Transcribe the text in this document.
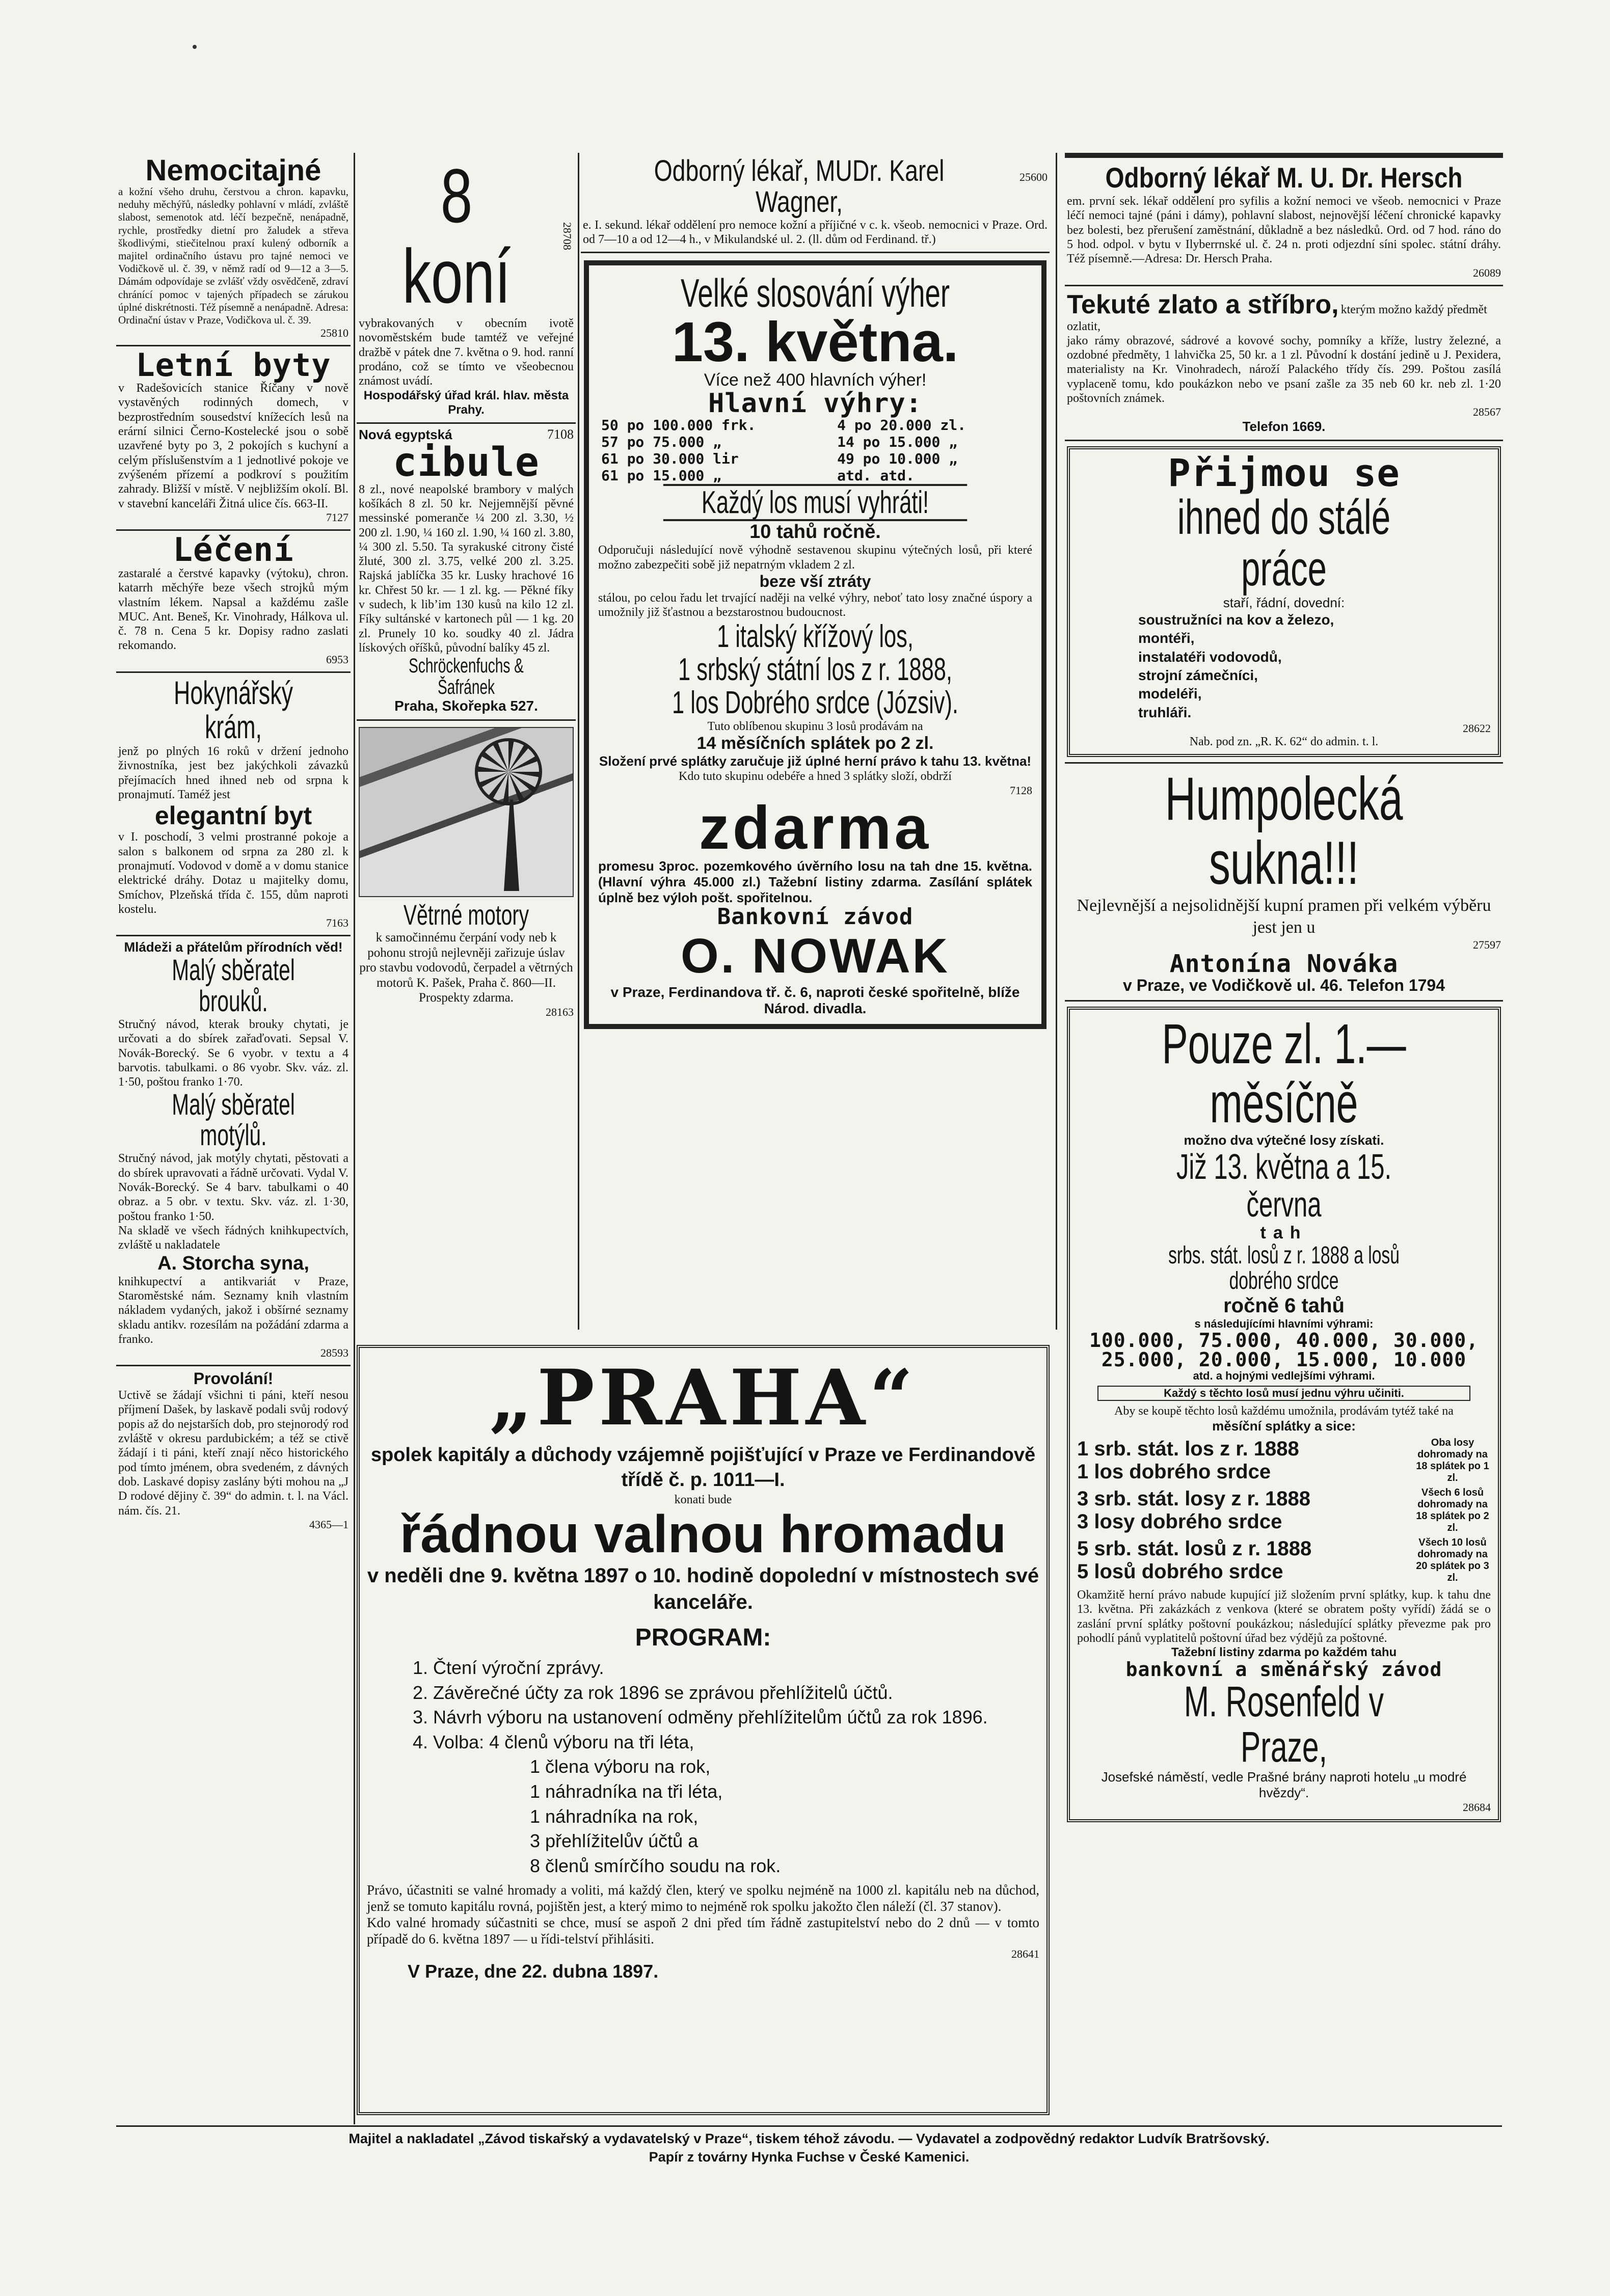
Nemocitajné
a kožní všeho druhu, čerstvou a chron. kapavku, neduhy měchýřů, následky pohlavní v mládí, zvláště slabost, semenotok atd. léčí bezpečně, nenápadně, rychle, prostředky dietní pro žaludek a střeva škodlivými, stiečitelnou praxí kulený odborník a majitel ordinačního ústavu pro tajné nemoci ve Vodičkově ul. č. 39, v němž radí od 9—12 a 3—5. Dámám odpovídaje se zvlášť vždy osvědčeně, zdraví chránící pomoc v tajených případech se zárukou úplné diskrétnosti. Též písemně a nenápadně. Adresa: Ordinační ústav v Praze, Vodičkova ul. č. 39.
25810
Letní byty
v Radešovicích stanice Říčany v nově vystavěných rodinných domech, v bezprostředním sousedství knížecích lesů na erární silnici Černo-Kostelecké jsou o sobě uzavřené byty po 3, 2 pokojích s kuchyní a celým příslušenstvím a 1 jednotlivé pokoje ve zvýšeném přízemí a podkroví s použitím zahrady. Bližší v místě. V nejbližším okolí. Bl. v stavební kanceláři Žitná ulice čís. 663-II.
7127
Léčení
zastaralé a čerstvé kapavky (výtoku), chron. katarrh měchýře beze všech strojků mým vlastním lékem. Napsal a každému zašle MUC. Ant. Beneš, Kr. Vinohrady, Hálkova ul. č. 78 n. Cena 5 kr. Dopisy radno zaslati rekomando.
6953
Hokynářský krám,
jenž po plných 16 roků v držení jednoho živnostníka, jest bez jakýchkoli závazků přejímacích hned ihned neb od srpna k pronajmutí. Taméž jest
elegantní byt
v I. poschodí, 3 velmi prostranné pokoje a salon s balkonem od srpna za 280 zl. k pronajmutí. Vodovod v domě a v domu stanice elektrické dráhy. Dotaz u majitelky domu, Smíchov, Plzeňská třída č. 155, dům naproti kostelu.
7163
Mládeži a přátelům přírodních věd!
Malý sběratel brouků.
Stručný návod, kterak brouky chytati, je určovati a do sbírek zařaďovati. Sepsal V. Novák-Borecký. Se 6 vyobr. v textu a 4 barvotis. tabulkami. o 86 vyobr. Skv. váz. zl. 1·50, poštou franko 1·70.
Malý sběratel motýlů.
Stručný návod, jak motýly chytati, pěstovati a do sbírek upravovati a řádně určovati. Vydal V. Novák-Borecký. Se 4 barv. tabulkami o 40 obraz. a 5 obr. v textu. Skv. váz. zl. 1·30, poštou franko 1·50.
Na skladě ve všech řádných knihkupectvích, zvláště u nakladatele
A. Storcha syna,
knihkupectví a antikvariát v Praze, Staroměstské nám. Seznamy knih vlastním nákladem vydaných, jakož i obšírné seznamy skladu antikv. rozesílám na požádání zdarma a franko.
28593
Provolání!
Uctivě se žádají všichni ti páni, kteří nesou příjmení Dašek, by laskavě podali svůj rodový popis až do nejstarších dob, pro stejnorodý rod zvláště v okresu pardubickém; a též se ctivě žádají i ti páni, kteří znají něco historického pod tímto jménem, obra svedeném, z dávných dob. Laskavé dopisy zaslány býti mohou na „J D rodové dějiny č. 39“ do admin. t. l. na Václ. nám. čís. 21.
4365—1
8 koní	28708
vybrakovaných v obecním ivotě novoměstském bude tamtéž ve veřejné dražbě v pátek dne 7. května o 9. hod. ranní prodáno, což se tímto ve všeobecnou známost uvádí.
Hospodářský úřad král. hlav. města Prahy.
Nová egyptská	7108
cibule
8 zl., nové neapolské brambory v malých košíkách 8 zl. 50 kr. Nejjemnější pěvné messinské pomeranče ¼ 200 zl. 3.30, ½ 200 zl. 1.90, ¼ 160 zl. 1.90, ¼ 160 zl. 3.80, ¼ 300 zl. 5.50. Ta syrakuské citrony čisté žluté, 300 zl. 3.75, velké 200 zl. 3.25. Rajská jablíčka 35 kr. Lusky hrachové 16 kr. Chřest 50 kr. — 1 zl. kg. — Pěkné fíky v sudech, k lib’im 130 kusů na kilo 12 zl. Fíky sultánské v kartonech půl — 1 kg. 20 zl. Prunely 10 ko. soudky 40 zl. Jádra lískových oříšků, původní balíky 45 zl.
Schröckenfuchs & Šafránek
Praha, Skořepka 527.
Větrné motory
k samočinnému čerpání vody neb k pohonu strojů nejlevněji zařizuje úslav pro stavbu vodovodů, čerpadel a větrných motorů K. Pašek, Praha č. 860—II. Prospekty zdarma.
28163
Odborný lékař, MUDr. Karel Wagner,
25600
e. I. sekund. lékař oddělení pro nemoce kožní a příjičné v c. k. všeob. nemocnici v Praze. Ord. od 7—10 a od 12—4 h., v Mikulandské ul. 2. (ll. dům od Ferdinand. tř.)
Velké slosování výher
13. května.
Více než 400 hlavních výher!
Hlavní výhry:
50 po 100.000 frk.	4 po 20.000 zl.
57 po 75.000 „	14 po 15.000 „
61 po 30.000 lir	49 po 10.000 „
61 po 15.000 „	atd. atd.
Každý los musí vyhráti!
10 tahů ročně.
Odporučuji následující nově výhodně sestavenou skupinu výtečných losů, při které možno zabezpečiti sobě již nepatrným vkladem 2 zl.
beze vší ztráty
stálou, po celou řadu let trvající naději na velké výhry, neboť tato losy značné úspory a umožnily již šťastnou a bezstarostnou budoucnost.
1 italský křížový los,
1 srbský státní los z r. 1888,
1 los Dobrého srdce (Józsiv).
Tuto oblíbenou skupinu 3 losů prodávám na
14 měsíčních splátek po 2 zl.
Složení prvé splátky zaručuje již úplné herní právo k tahu 13. května!
Kdo tuto skupinu odebéře a hned 3 splátky složí, obdrží
7128
zdarma
promesu 3proc. pozemkového úvěrního losu na tah dne 15. května. (Hlavní výhra 45.000 zl.) Tažební listiny zdarma. Zasílání splátek úplně bez výloh pošt. spořitelnou.
Bankovní závod
O. NOWAK
v Praze, Ferdinandova tř. č. 6, naproti české spořitelně, blíže Národ. divadla.
„PRAHA“
spolek kapitály a důchody vzájemně pojišťující v Praze ve Ferdinandově třídě č. p. 1011—I.
konati bude
řádnou valnou hromadu
v neděli dne 9. května 1897 o 10. hodině dopolední v místnostech své kanceláře.
PROGRAM:
1. Čtení výroční zprávy.
2. Závěrečné účty za rok 1896 se zprávou přehlížitelů účtů.
3. Návrh výboru na ustanovení odměny přehlížitelům účtů za rok 1896.
4. Volba: 4 členů výboru na tři léta,
1 člena výboru na rok,
1 náhradníka na tři léta,
1 náhradníka na rok,
3 přehlížitelův účtů a
8 členů smírčího soudu na rok.
Právo, účastniti se valné hromady a voliti, má každý člen, který ve spolku nejméně na 1000 zl. kapitálu neb na důchod, jenž se tomuto kapitálu rovná, pojištěn jest, a který mimo to nejméně rok spolku jakožto člen náleží (čl. 37 stanov).
Kdo valné hromady súčastniti se chce, musí se aspoň 2 dni před tím řádně zastupitelství nebo do 2 dnů — v tomto případě do 6. května 1897 — u řídi-telství přihlásiti.
28641
V Praze, dne 22. dubna 1897.
Odborný lékař M. U. Dr. Hersch
em. první sek. lékař oddělení pro syfilis a kožní nemoci ve všeob. nemocnici v Praze léčí nemoci tajné (páni i dámy), pohlavní slabost, nejnovější léčení chronické kapavky bez bolesti, bez přerušení zaměstnání, důkladně a bez následků. Ord. od 7 hod. ráno do 5 hod. odpol. v bytu v Ilyberrnské ul. č. 24 n. proti odjezdní síni spolec. státní dráhy. Též písemně.—Adresa: Dr. Hersch Praha.
26089
Tekuté zlato a stříbro, kterým možno každý předmět ozlatit,
jako rámy obrazové, sádrové a kovové sochy, pomníky a kříže, lustry železné, a ozdobné předměty, 1 lahvička 25, 50 kr. a 1 zl. Původní k dostání jedině u J. Pexidera, materialisty na Kr. Vinohradech, nároží Palackého třídy čís. 299. Poštou zasílá vyplaceně tomu, kdo poukázkon nebo ve psaní zašle za 35 neb 60 kr. neb zl. 1·20 poštovních známek.
28567
Telefon 1669.
Přijmou se
ihned do stálé práce
staří, řádní, dovední:
soustružníci na kov a železo,
montéři,
instalatéři vodovodů,
strojní zámečníci,
modeléři,
truhláři.
28622
Nab. pod zn. „R. K. 62“ do admin. t. l.
Humpolecká sukna!!!
Nejlevnější a nejsolidnější kupní pramen při velkém výběru jest jen u
27597
Antonína Nováka
v Praze, ve Vodičkově ul. 46. Telefon 1794
Pouze zl. 1.— měsíčně
možno dva výtečné losy získati.
Již 13. května a 15. června
tah
srbs. stát. losů z r. 1888 a losů dobrého srdce
ročně 6 tahů
s následujícími hlavními výhrami:
100.000, 75.000, 40.000, 30.000,
25.000, 20.000, 15.000, 10.000
atd. a hojnými vedlejšími výhrami.
Každý s těchto losů musí jednu výhru učiniti.
Aby se koupě těchto losů každému umožnila, prodávám tytéž také na
měsíční splátky a sice:
1 srb. stát. los z r. 1888
1 los dobrého srdce
Oba losy dohromady na 18 splátek po 1 zl.
3 srb. stát. losy z r. 1888
3 losy dobrého srdce
Všech 6 losů dohromady na 18 splátek po 2 zl.
5 srb. stát. losů z r. 1888
5 losů dobrého srdce
Všech 10 losů dohromady na 20 splátek po 3 zl.
Okamžitě herní právo nabude kupující již složením první splátky, kup. k tahu dne 13. května. Při zakázkách z venkova (které se obratem pošty vyřídí) žádá se o zaslání první splátky poštovní poukázkou; následující splátky převezme pak pro pohodlí pánů vyplatitelů poštovní úřad bez výdějů za poštovné.
Tažební listiny zdarma po každém tahu
bankovní a směnářský závod
M. Rosenfeld v Praze,
Josefské náměstí, vedle Prašné brány naproti hotelu „u modré hvězdy“.
28684
Majitel a nakladatel „Závod tiskařský a vydavatelský v Praze“, tiskem téhož závodu. — Vydavatel a zodpovědný redaktor Ludvík Bratršovský.
Papír z továrny Hynka Fuchse v České Kamenici.
